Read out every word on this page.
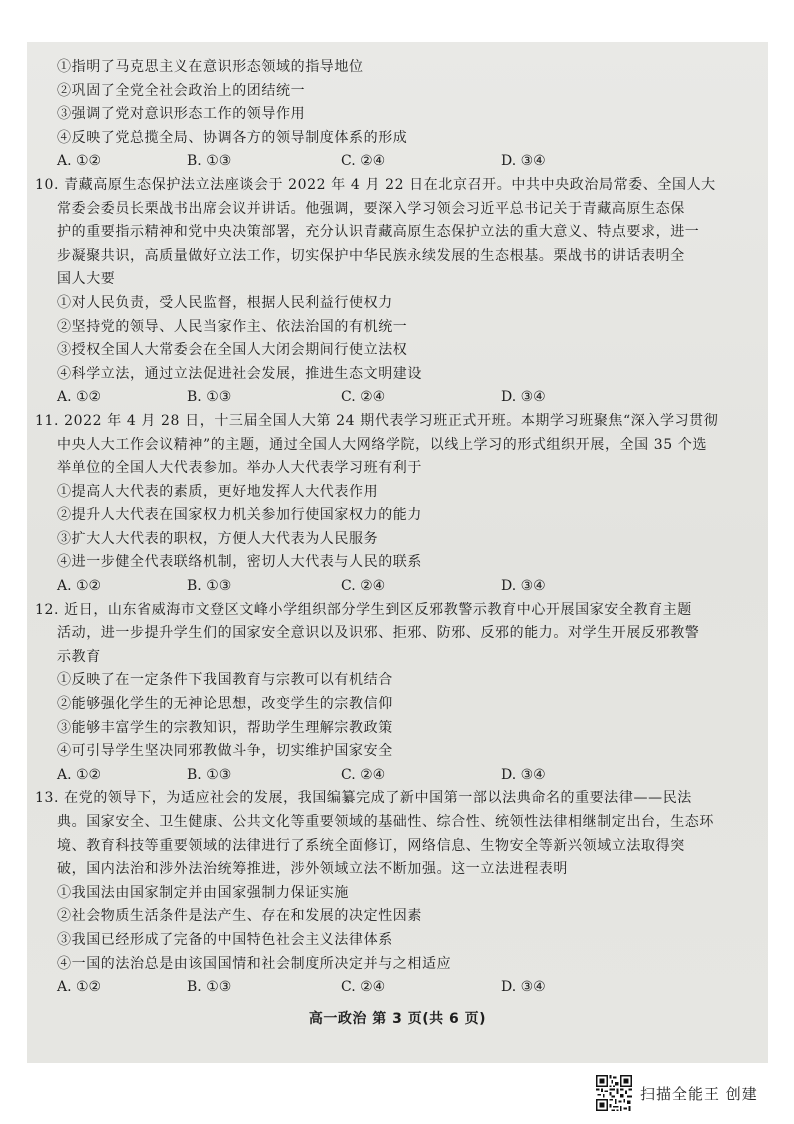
①指明了马克思主义在意识形态领域的指导地位
②巩固了全党全社会政治上的团结统一
③强调了党对意识形态工作的领导作用
④反映了党总揽全局、协调各方的领导制度体系的形成
A. ①②	B. ①③	C. ②④	D. ③④
10. 青藏高原生态保护法立法座谈会于 2022 年 4 月 22 日在北京召开。中共中央政治局常委、全国人大
常委会委员长栗战书出席会议并讲话。他强调，要深入学习领会习近平总书记关于青藏高原生态保
护的重要指示精神和党中央决策部署，充分认识青藏高原生态保护立法的重大意义、特点要求，进一
步凝聚共识，高质量做好立法工作，切实保护中华民族永续发展的生态根基。栗战书的讲话表明全
国人大要
①对人民负责，受人民监督，根据人民利益行使权力
②坚持党的领导、人民当家作主、依法治国的有机统一
③授权全国人大常委会在全国人大闭会期间行使立法权
④科学立法，通过立法促进社会发展，推进生态文明建设
A. ①②	B. ①③	C. ②④	D. ③④
11. 2022 年 4 月 28 日，十三届全国人大第 24 期代表学习班正式开班。本期学习班聚焦“深入学习贯彻
中央人大工作会议精神”的主题，通过全国人大网络学院，以线上学习的形式组织开展，全国 35 个选
举单位的全国人大代表参加。举办人大代表学习班有利于
①提高人大代表的素质，更好地发挥人大代表作用
②提升人大代表在国家权力机关参加行使国家权力的能力
③扩大人大代表的职权，方便人大代表为人民服务
④进一步健全代表联络机制，密切人大代表与人民的联系
A. ①②	B. ①③	C. ②④	D. ③④
12. 近日，山东省威海市文登区文峰小学组织部分学生到区反邪教警示教育中心开展国家安全教育主题
活动，进一步提升学生们的国家安全意识以及识邪、拒邪、防邪、反邪的能力。对学生开展反邪教警
示教育
①反映了在一定条件下我国教育与宗教可以有机结合
②能够强化学生的无神论思想，改变学生的宗教信仰
③能够丰富学生的宗教知识，帮助学生理解宗教政策
④可引导学生坚决同邪教做斗争，切实维护国家安全
A. ①②	B. ①③	C. ②④	D. ③④
13. 在党的领导下，为适应社会的发展，我国编纂完成了新中国第一部以法典命名的重要法律——民法
典。国家安全、卫生健康、公共文化等重要领域的基础性、综合性、统领性法律相继制定出台，生态环
境、教育科技等重要领域的法律进行了系统全面修订，网络信息、生物安全等新兴领域立法取得突
破，国内法治和涉外法治统筹推进，涉外领域立法不断加强。这一立法进程表明
①我国法由国家制定并由国家强制力保证实施
②社会物质生活条件是法产生、存在和发展的决定性因素
③我国已经形成了完备的中国特色社会主义法律体系
④一国的法治总是由该国国情和社会制度所决定并与之相适应
A. ①②	B. ①③	C. ②④	D. ③④
高一政治 第 3 页(共 6 页)
扫描全能王 创建
